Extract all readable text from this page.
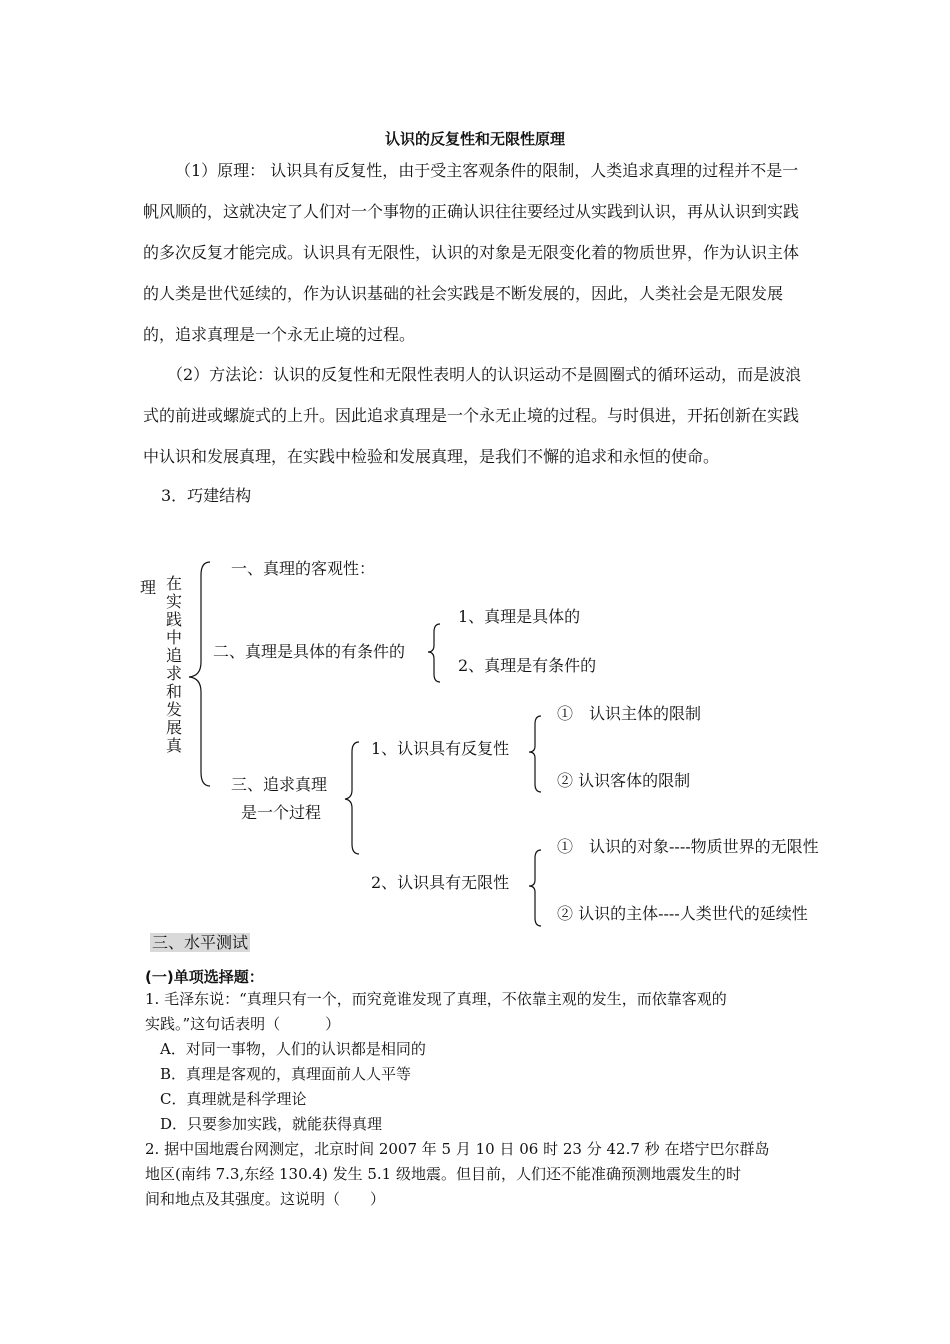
认识的反复性和无限性原理
（1）原理： 认识具有反复性，由于受主客观条件的限制，人类追求真理的过程并不是一帆风顺的，这就决定了人们对一个事物的正确认识往往要经过从实践到认识，再从认识到实践的多次反复才能完成。认识具有无限性，认识的对象是无限变化着的物质世界，作为认识主体的人类是世代延续的，作为认识基础的社会实践是不断发展的，因此，人类社会是无限发展的，追求真理是一个永无止境的过程。
（2）方法论：认识的反复性和无限性表明人的认识运动不是圆圈式的循环运动，而是波浪式的前进或螺旋式的上升。因此追求真理是一个永无止境的过程。与时俱进，开拓创新在实践中认识和发展真理，在实践中检验和发展真理，是我们不懈的追求和永恒的使命。
3．巧建结构
理 在实践中追求和发展真
一、真理的客观性：
二、真理是具体的有条件的
1、真理是具体的
2、真理是有条件的
三、追求真理
是一个过程
1、认识具有反复性
①　认识主体的限制
② 认识客体的限制
2、认识具有无限性
①　认识的对象----物质世界的无限性
② 认识的主体----人类世代的延续性
三、水平测试
(一)单项选择题：
1. 毛泽东说：“真理只有一个，而究竟谁发现了真理，不依靠主观的发生，而依靠客观的
实践。”这句话表明（　　　）
A．对同一事物，人们的认识都是相同的
B．真理是客观的，真理面前人人平等
C．真理就是科学理论
D．只要参加实践，就能获得真理
2. 据中国地震台网测定，北京时间 2007 年 5 月 10 日 06 时 23 分 42.7 秒 在塔宁巴尔群岛
地区(南纬 7.3,东经 130.4) 发生 5.1 级地震。但目前，人们还不能准确预测地震发生的时
间和地点及其强度。这说明（　　）
